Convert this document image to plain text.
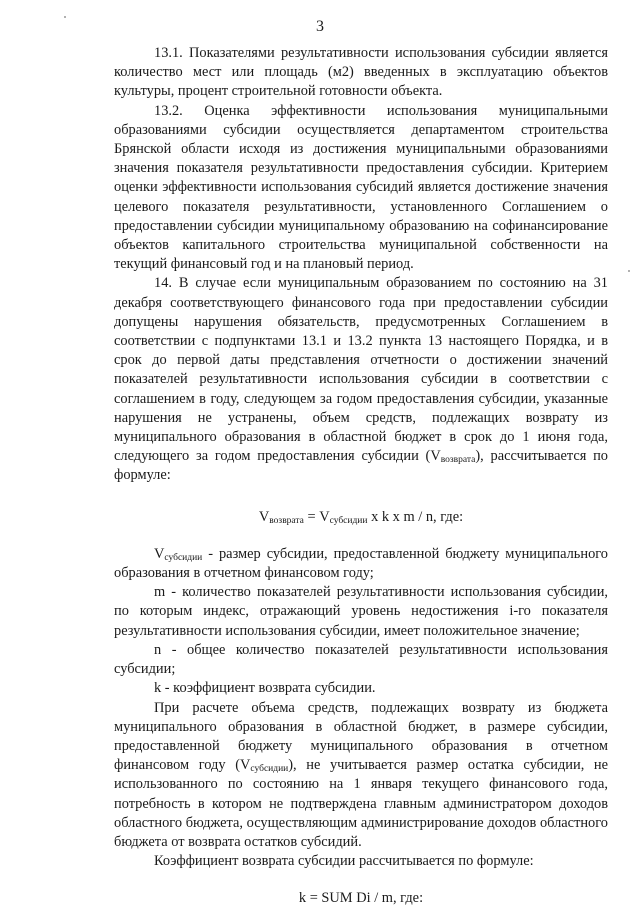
3

13.1. Показателями результативности использования субсидии является количество мест или площадь (м2) введенных в эксплуатацию объектов культуры, процент строительной готовности объекта.

13.2. Оценка эффективности использования муниципальными образованиями субсидии осуществляется департаментом строительства Брянской области исходя из достижения муниципальными образованиями значения показателя результативности предоставления субсидии. Критерием оценки эффективности использования субсидий является достижение значения целевого показателя результативности, установленного Соглашением о предоставлении субсидии муниципальному образованию на софинансирование объектов капитального строительства муниципальной собственности на текущий финансовый год и на плановый период.

14. В случае если муниципальным образованием по состоянию на 31 декабря соответствующего финансового года при предоставлении субсидии допущены нарушения обязательств, предусмотренных Соглашением в соответствии с подпунктами 13.1 и 13.2 пункта 13 настоящего Порядка, и в срок до первой даты представления отчетности о достижении значений показателей результативности использования субсидии в соответствии с соглашением в году, следующем за годом предоставления субсидии, указанные нарушения не устранены, объем средств, подлежащих возврату из муниципального образования в областной бюджет в срок до 1 июня года, следующего за годом предоставления субсидии $(V_{возврата})$, рассчитывается по формуле:

$V_{возврата} = V_{субсидии}$ x k x m / n, где:

$V_{субсидии}$ - размер субсидии, предоставленной бюджету муниципального образования в отчетном финансовом году;

m - количество показателей результативности использования субсидии, по которым индекс, отражающий уровень недостижения i-го показателя результативности использования субсидии, имеет положительное значение;

n - общее количество показателей результативности использования субсидии;

k - коэффициент возврата субсидии.

При расчете объема средств, подлежащих возврату из бюджета муниципального образования в областной бюджет, в размере субсидии, предоставленной бюджету муниципального образования в отчетном финансовом году $(V_{субсидии})$, не учитывается размер остатка субсидии, не использованного по состоянию на 1 января текущего финансового года, потребность в котором не подтверждена главным администратором доходов областного бюджета, осуществляющим администрирование доходов областного бюджета от возврата остатков субсидий.

Коэффициент возврата субсидии рассчитывается по формуле:

k = SUM Di / m, где:
